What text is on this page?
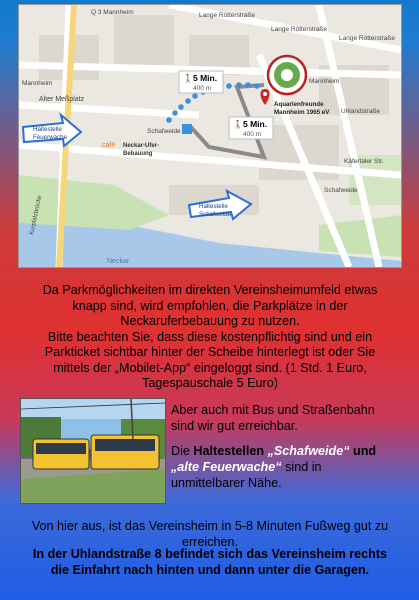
🚶 5 Min.
400 m
🚶 5 Min.
400 m
Q 3 Mannheim
Lange Rötterstraße
Lange Rötterstraße
Lange Rötterstraße
Mannheim
Alter Meßplatz
Mannheim
Schafweide
Uhlandstraße
Käfertaler Str.
Schafweide
Neckar
Kurpfalzbrücke
café Neckar-Ufer-
Bebauung
Aquarienfreunde
Mannheim 1965 eV
Haltestelle
Feuerwache
Haltestelle
Schafweide
Da Parkmöglichkeiten im direkten Vereinsheimumfeld etwas
knapp sind, wird empfohlen, die Parkplätze in der
Neckaruferbebauung zu nutzen.
Bitte beachten Sie, dass diese kostenpflichtig sind und ein
Parkticket sichtbar hinter der Scheibe hinterlegt ist oder Sie
mittels der „Mobilet-App“ eingeloggt sind. (1 Std. 1 Euro,
Tagespauschale 5 Euro)
Aber auch mit Bus und Straßenbahn
sind wir gut erreichbar.
Die Haltestellen „Schafweide“ und
„alte Feuerwache“ sind in
unmittelbarer Nähe.
Von hier aus, ist das Vereinsheim in 5-8 Minuten Fußweg gut zu
erreichen.
In der Uhlandstraße 8 befindet sich das Vereinsheim rechts
die Einfahrt nach hinten und dann unter die Garagen.
